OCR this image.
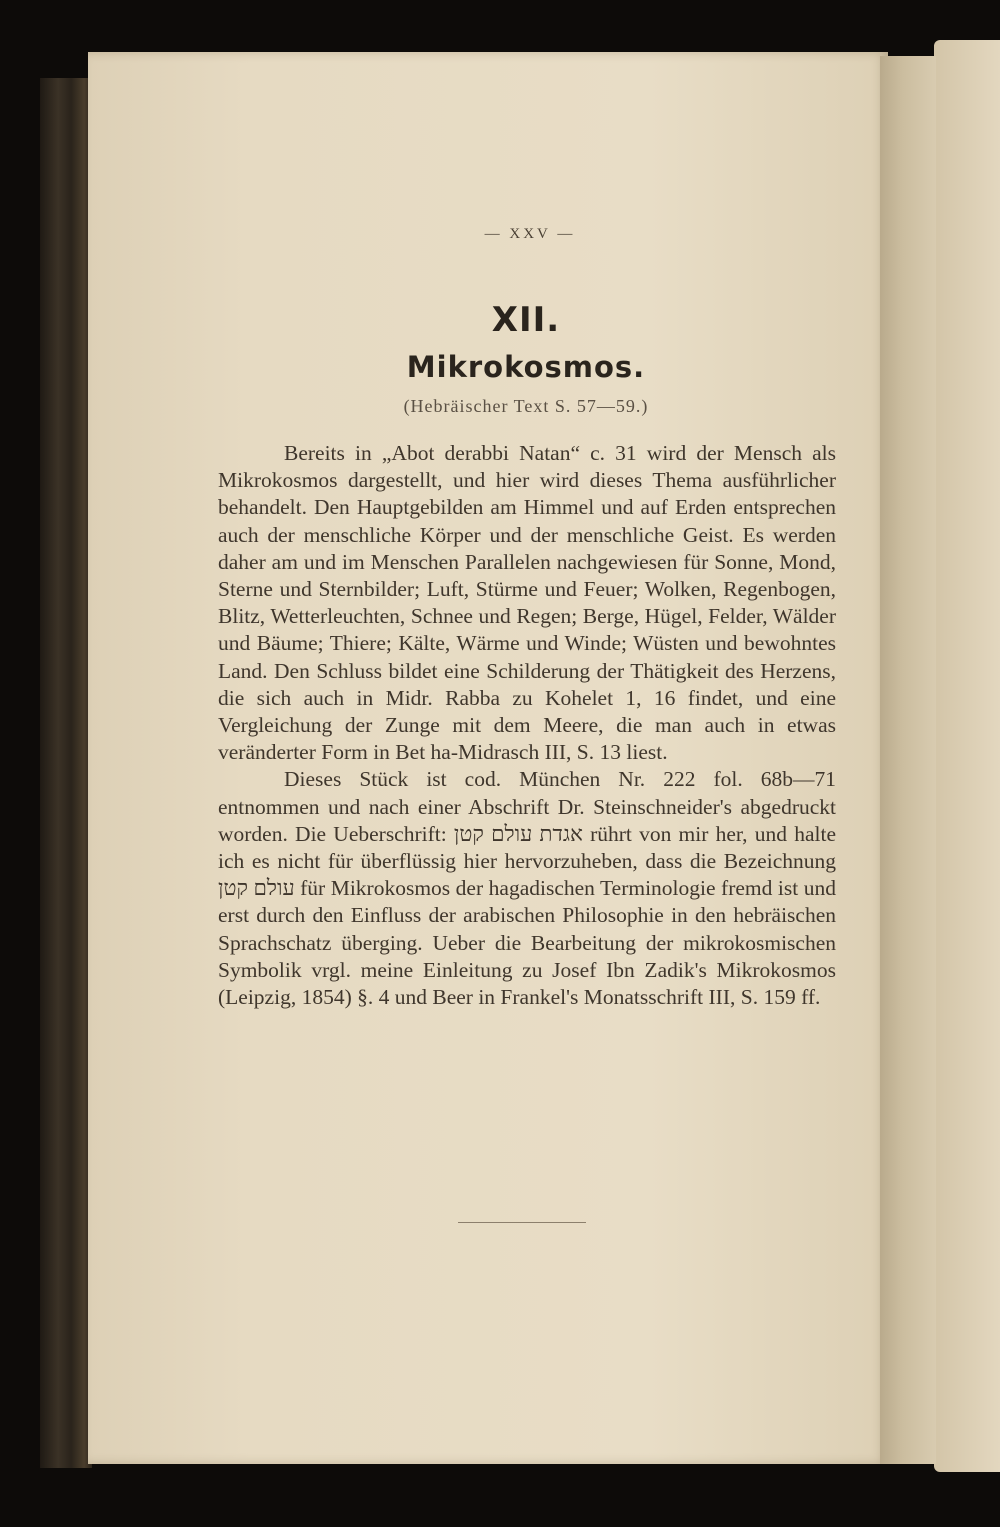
— XXV —
XII.
Mikrokosmos.
(Hebräischer Text S. 57—59.)

Bereits in „Abot derabbi Natan“ c. 31 wird der Mensch als Mikrokosmos dargestellt, und hier wird dieses Thema ausführlicher behandelt. Den Hauptgebilden am Himmel und auf Erden entsprechen auch der menschliche Körper und der menschliche Geist. Es werden daher am und im Menschen Parallelen nachgewiesen für Sonne, Mond, Sterne und Sternbilder; Luft, Stürme und Feuer; Wolken, Regenbogen, Blitz, Wetterleuchten, Schnee und Regen; Berge, Hügel, Felder, Wälder und Bäume; Thiere; Kälte, Wärme und Winde; Wüsten und bewohntes Land. Den Schluss bildet eine Schilderung der Thätigkeit des Herzens, die sich auch in Midr. Rabba zu Kohelet 1, 16 findet, und eine Vergleichung der Zunge mit dem Meere, die man auch in etwas veränderter Form in Bet ha-Midrasch III, S. 13 liest.

Dieses Stück ist cod. München Nr. 222 fol. 68b—71 entnommen und nach einer Abschrift Dr. Steinschneider's abgedruckt worden. Die Ueberschrift: אגדת עולם קטן rührt von mir her, und halte ich es nicht für überflüssig hier hervorzuheben, dass die Bezeichnung עולם קטן für Mikrokosmos der hagadischen Terminologie fremd ist und erst durch den Einfluss der arabischen Philosophie in den hebräischen Sprachschatz überging. Ueber die Bearbeitung der mikrokosmischen Symbolik vrgl. meine Einleitung zu Josef Ibn Zadik's Mikrokosmos (Leipzig, 1854) §. 4 und Beer in Frankel's Monatsschrift III, S. 159 ff.
